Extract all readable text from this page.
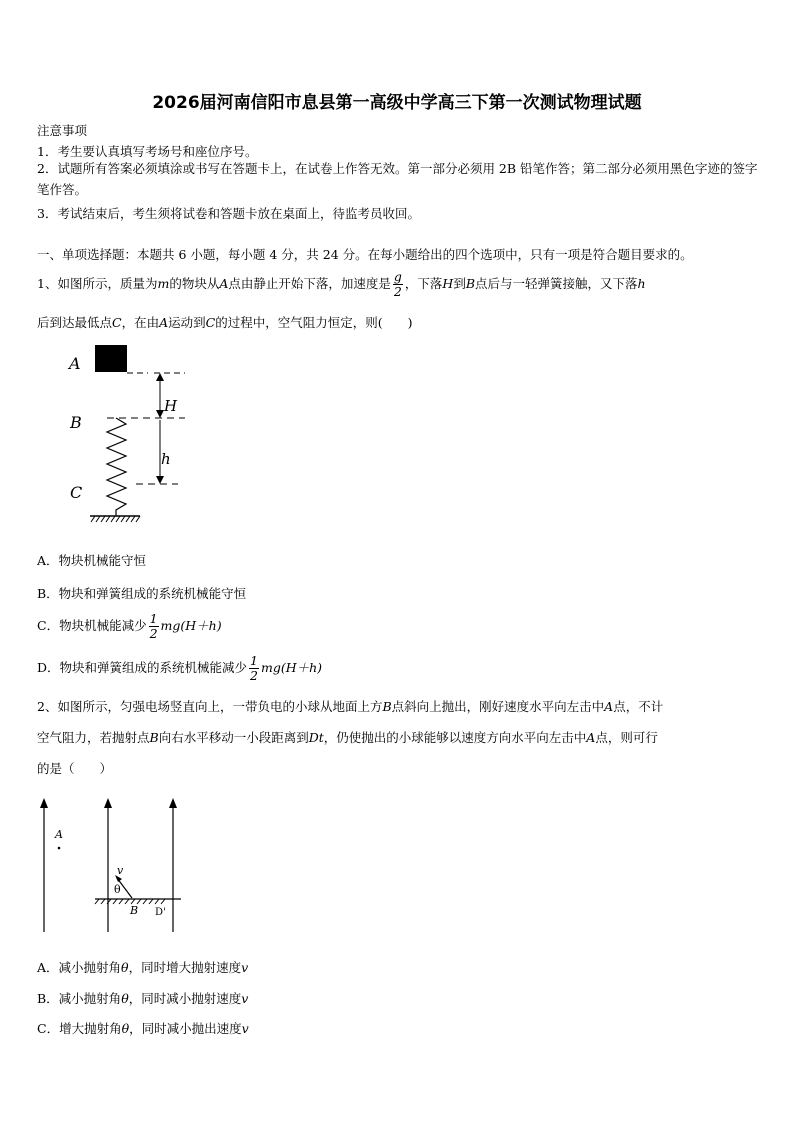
2026届河南信阳市息县第一高级中学高三下第一次测试物理试题
注意事项
1．考生要认真填写考场号和座位序号。
2．试题所有答案必须填涂或书写在答题卡上，在试卷上作答无效。第一部分必须用 2B 铅笔作答；第二部分必须用黑色字迹的签字笔作答。
3．考试结束后，考生须将试卷和答题卡放在桌面上，待监考员收回。
一、单项选择题：本题共 6 小题，每小题 4 分，共 24 分。在每小题给出的四个选项中，只有一项是符合题目要求的。
1、如图所示，质量为m的物块从A点由静止开始下落，加速度是 $\frac{g}{2}$ ，下落H到B点后与一轻弹簧接触，又下落h
后到达最低点C，在由A运动到C的过程中，空气阻力恒定，则(　　)
A
B
C
H
h
A．物块机械能守恒
B．物块和弹簧组成的系统机械能守恒
C．物块机械能减少 $\frac{1}{2} mg(H+h)$
D．物块和弹簧组成的系统机械能减少 $\frac{1}{2} mg(H+h)$
2、如图所示，匀强电场竖直向上，一带负电的小球从地面上方B点斜向上抛出，刚好速度水平向左击中A点，不计
空气阻力，若抛射点B向右水平移动一小段距离到Dt，仍使抛出的小球能够以速度方向水平向左击中A点，则可行
的是（　　）
A
v
θ
B D'
A．减小抛射角θ，同时增大抛射速度v
B．减小抛射角θ，同时减小抛射速度v
C．增大抛射角θ，同时减小抛出速度v
